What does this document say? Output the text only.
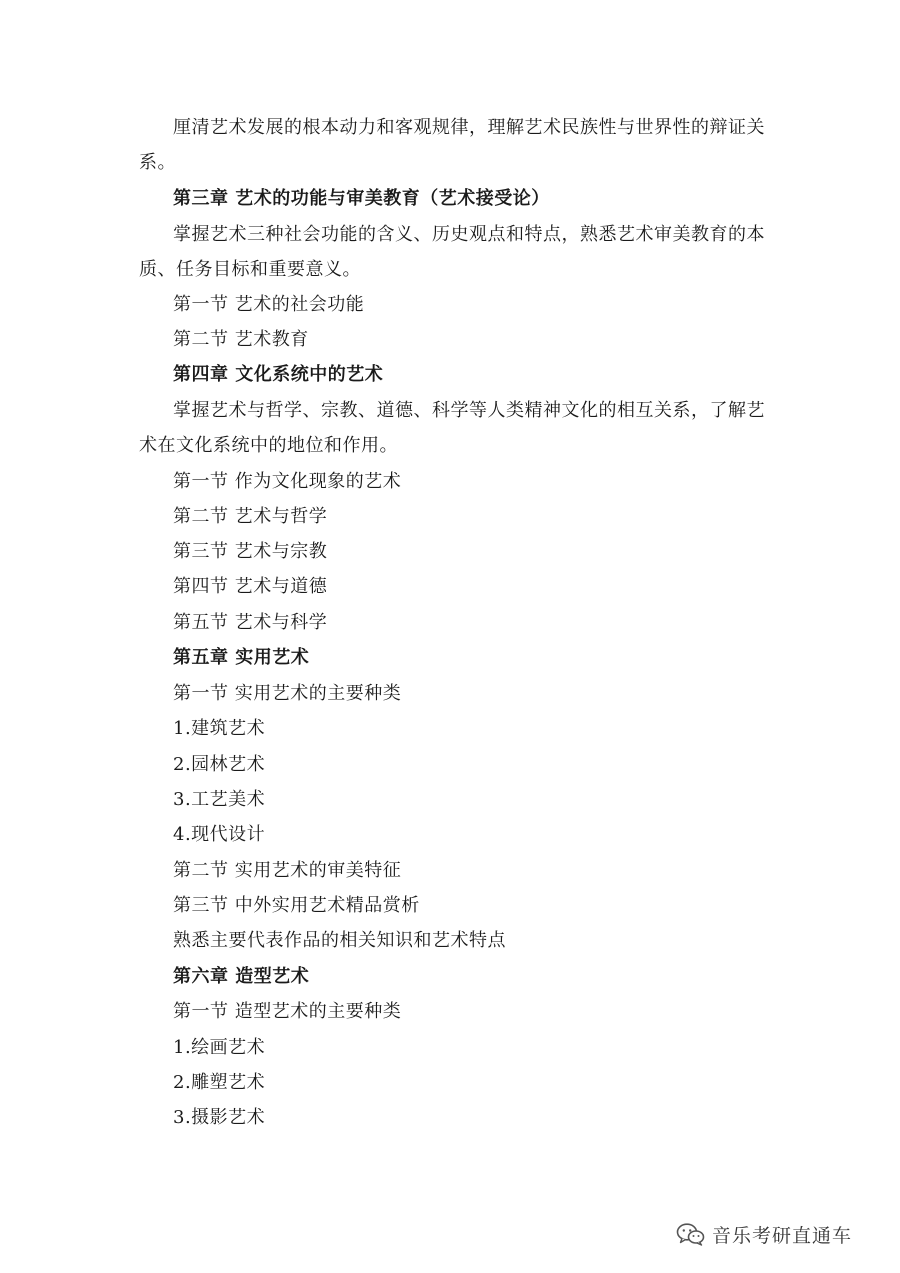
厘清艺术发展的根本动力和客观规律，理解艺术民族性与世界性的辩证关
系。
第三章 艺术的功能与审美教育（艺术接受论）
掌握艺术三种社会功能的含义、历史观点和特点，熟悉艺术审美教育的本
质、任务目标和重要意义。
第一节 艺术的社会功能
第二节 艺术教育
第四章 文化系统中的艺术
掌握艺术与哲学、宗教、道德、科学等人类精神文化的相互关系，了解艺
术在文化系统中的地位和作用。
第一节 作为文化现象的艺术
第二节 艺术与哲学
第三节 艺术与宗教
第四节 艺术与道德
第五节 艺术与科学
第五章 实用艺术
第一节 实用艺术的主要种类
1.建筑艺术
2.园林艺术
3.工艺美术
4.现代设计
第二节 实用艺术的审美特征
第三节 中外实用艺术精品赏析
熟悉主要代表作品的相关知识和艺术特点
第六章 造型艺术
第一节 造型艺术的主要种类
1.绘画艺术
2.雕塑艺术
3.摄影艺术
音乐考研直通车
